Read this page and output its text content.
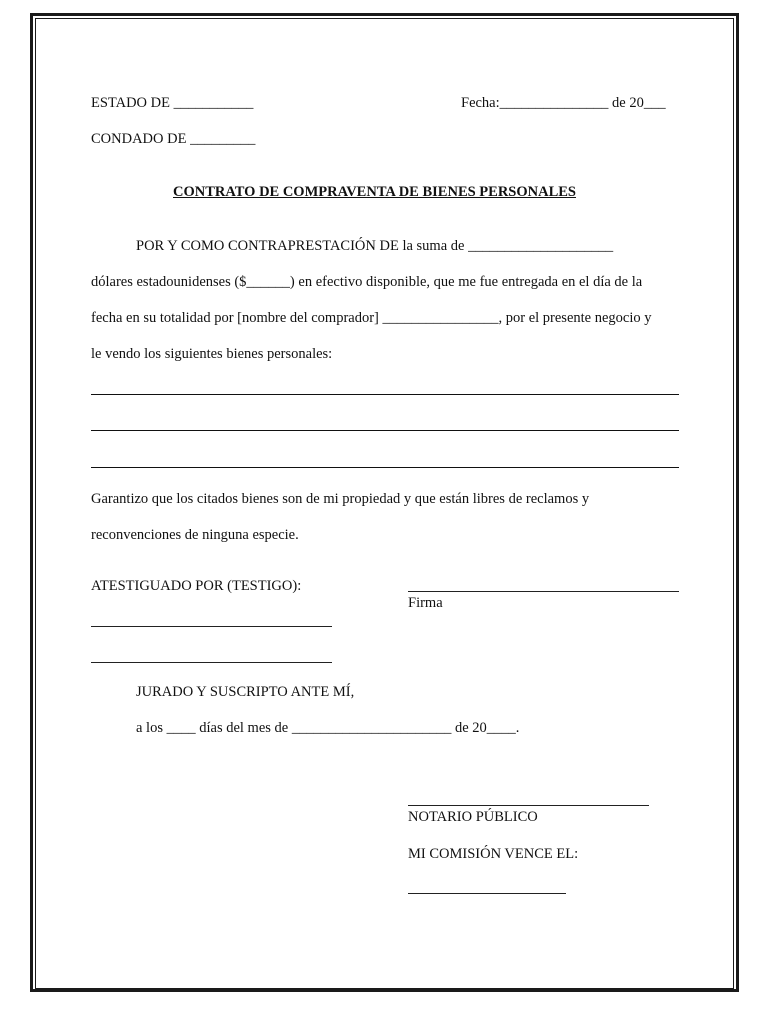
ESTADO DE ___________	Fecha:_______________ de 20___
CONDADO DE _________
CONTRATO DE COMPRAVENTA DE BIENES PERSONALES
POR Y COMO CONTRAPRESTACIÓN DE la suma de ____________________
dólares estadounidenses ($______) en efectivo disponible, que me fue entregada en el día de la
fecha en su totalidad por [nombre del comprador] ________________, por el presente negocio y
le vendo los siguientes bienes personales:
Garantizo que los citados bienes son de mi propiedad y que están libres de reclamos y
reconvenciones de ninguna especie.
ATESTIGUADO POR (TESTIGO):
Firma
JURADO Y SUSCRIPTO ANTE MÍ,
a los ____ días del mes de ______________________ de 20____.
NOTARIO PÚBLICO
MI COMISIÓN VENCE EL:
